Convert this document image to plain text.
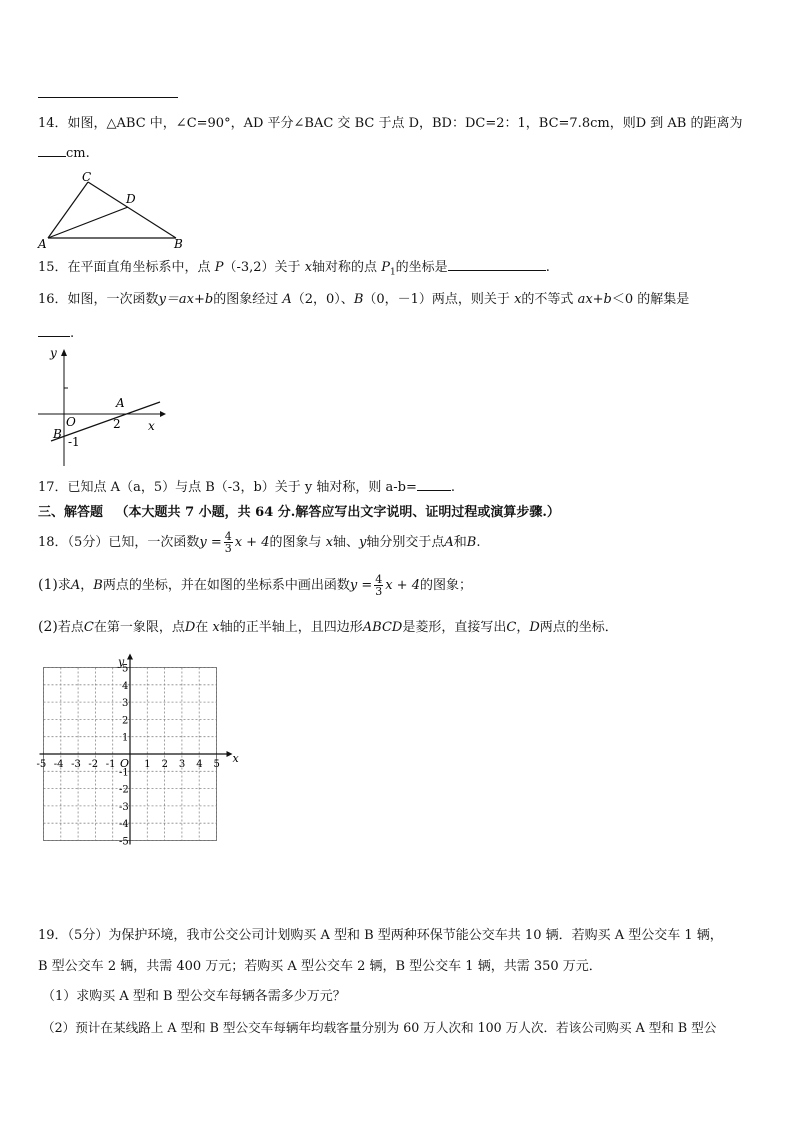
14．如图，△ABC 中，∠C=90°，AD 平分∠BAC 交 BC 于点 D，BD：DC=2：1，BC=7.8cm，则D 到 AB 的距离为
cm.
C
D
A	B
15．在平面直角坐标系中，点 P（-3,2）关于 x轴对称的点 $P_1$的坐标是	.
16．如图，一次函数y＝ax+b的图象经过 A（2，0）、B（0，－1）两点，则关于 x的不等式 ax+b＜0 的解集是
.
y
x
O
A
B
2
-1
17．已知点 A（a，5）与点 B（-3，b）关于 y 轴对称，则 a-b=	.
三、解答题 （本大题共 7 小题，共 64 分.解答应写出文字说明、证明过程或演算步骤.）
18．（5分）已知，一次函数$y = \frac{4}{3}$ x + 4的图象与 x轴、y轴分别交于点A和B.
(1)求A，B两点的坐标，并在如图的坐标系中画出函数$y = \frac{4}{3}$ x + 4的图象；
(2)若点C在第一象限，点D在 x轴的正半轴上，且四边形ABCD是菱形，直接写出C，D两点的坐标．
-5 -4 -3 -2 -1	1 2 3 4 5
5
4
3
2
1
-1
-2
-3
-4
-5
O	x
y
19．（5分）为保护环境，我市公交公司计划购买 A 型和 B 型两种环保节能公交车共 10 辆．若购买 A 型公交车 1 辆，
B 型公交车 2 辆，共需 400 万元；若购买 A 型公交车 2 辆，B 型公交车 1 辆，共需 350 万元．
（1）求购买 A 型和 B 型公交车每辆各需多少万元？
（2）预计在某线路上 A 型和 B 型公交车每辆年均载客量分别为 60 万人次和 100 万人次．若该公司购买 A 型和 B 型公
